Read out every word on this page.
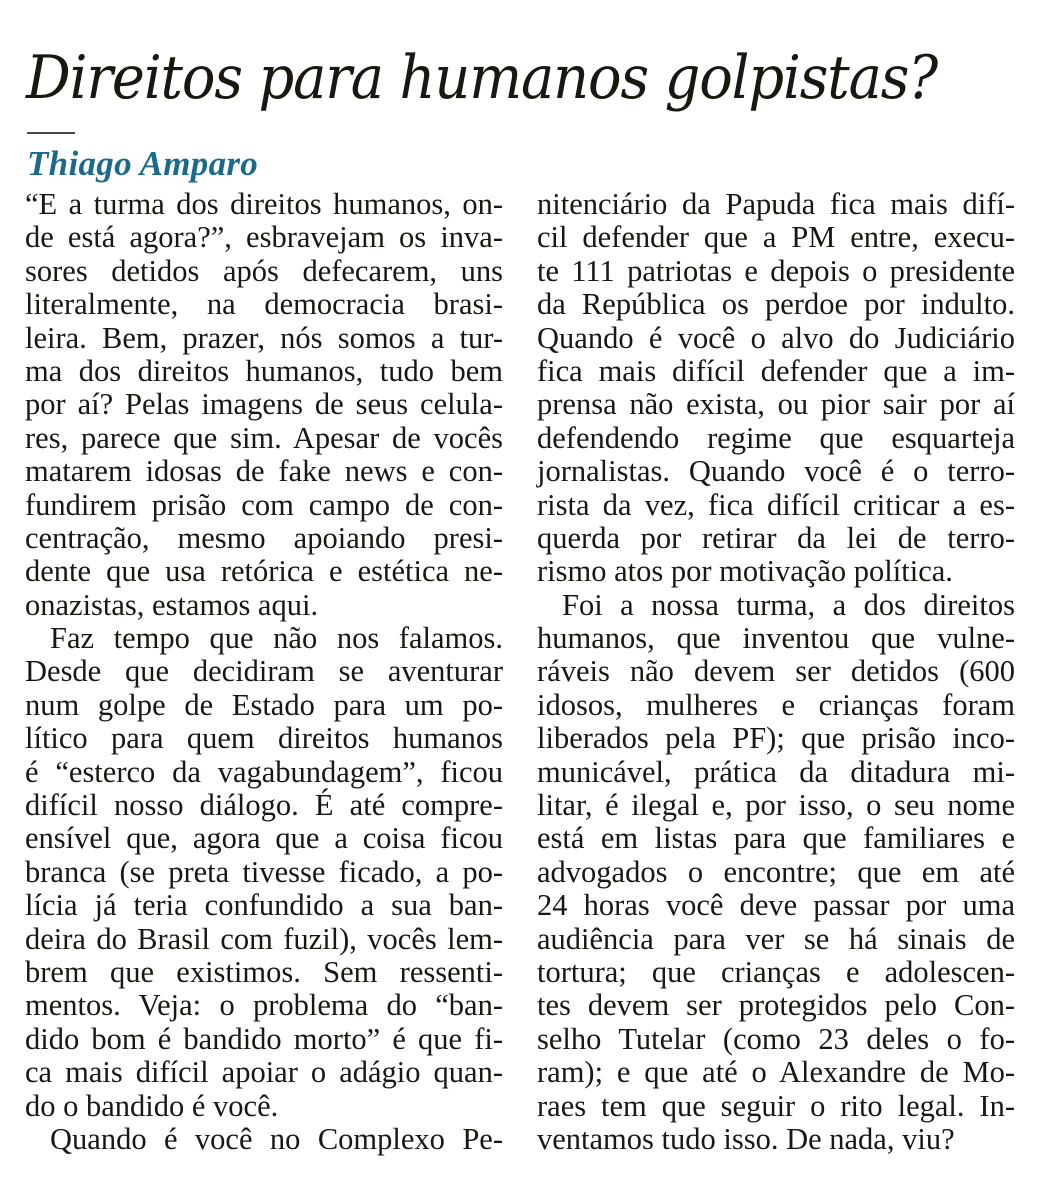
Direitos para humanos golpistas?
Thiago Amparo
“E a turma dos direitos humanos, on-
de está agora?”, esbravejam os inva-
sores detidos após defecarem, uns
literalmente, na democracia brasi-
leira. Bem, prazer, nós somos a tur-
ma dos direitos humanos, tudo bem
por aí? Pelas imagens de seus celula-
res, parece que sim. Apesar de vocês
matarem idosas de fake news e con-
fundirem prisão com campo de con-
centração, mesmo apoiando presi-
dente que usa retórica e estética ne-
onazistas, estamos aqui.
Faz tempo que não nos falamos.
Desde que decidiram se aventurar
num golpe de Estado para um po-
lítico para quem direitos humanos
é “esterco da vagabundagem”, ficou
difícil nosso diálogo. É até compre-
ensível que, agora que a coisa ficou
branca (se preta tivesse ficado, a po-
lícia já teria confundido a sua ban-
deira do Brasil com fuzil), vocês lem-
brem que existimos. Sem ressenti-
mentos. Veja: o problema do “ban-
dido bom é bandido morto” é que fi-
ca mais difícil apoiar o adágio quan-
do o bandido é você.
Quando é você no Complexo Pe-
nitenciário da Papuda fica mais difí-
cil defender que a PM entre, execu-
te 111 patriotas e depois o presidente
da República os perdoe por indulto.
Quando é você o alvo do Judiciário
fica mais difícil defender que a im-
prensa não exista, ou pior sair por aí
defendendo regime que esquarteja
jornalistas. Quando você é o terro-
rista da vez, fica difícil criticar a es-
querda por retirar da lei de terro-
rismo atos por motivação política.
Foi a nossa turma, a dos direitos
humanos, que inventou que vulne-
ráveis não devem ser detidos (600
idosos, mulheres e crianças foram
liberados pela PF); que prisão inco-
municável, prática da ditadura mi-
litar, é ilegal e, por isso, o seu nome
está em listas para que familiares e
advogados o encontre; que em até
24 horas você deve passar por uma
audiência para ver se há sinais de
tortura; que crianças e adolescen-
tes devem ser protegidos pelo Con-
selho Tutelar (como 23 deles o fo-
ram); e que até o Alexandre de Mo-
raes tem que seguir o rito legal. In-
ventamos tudo isso. De nada, viu?
